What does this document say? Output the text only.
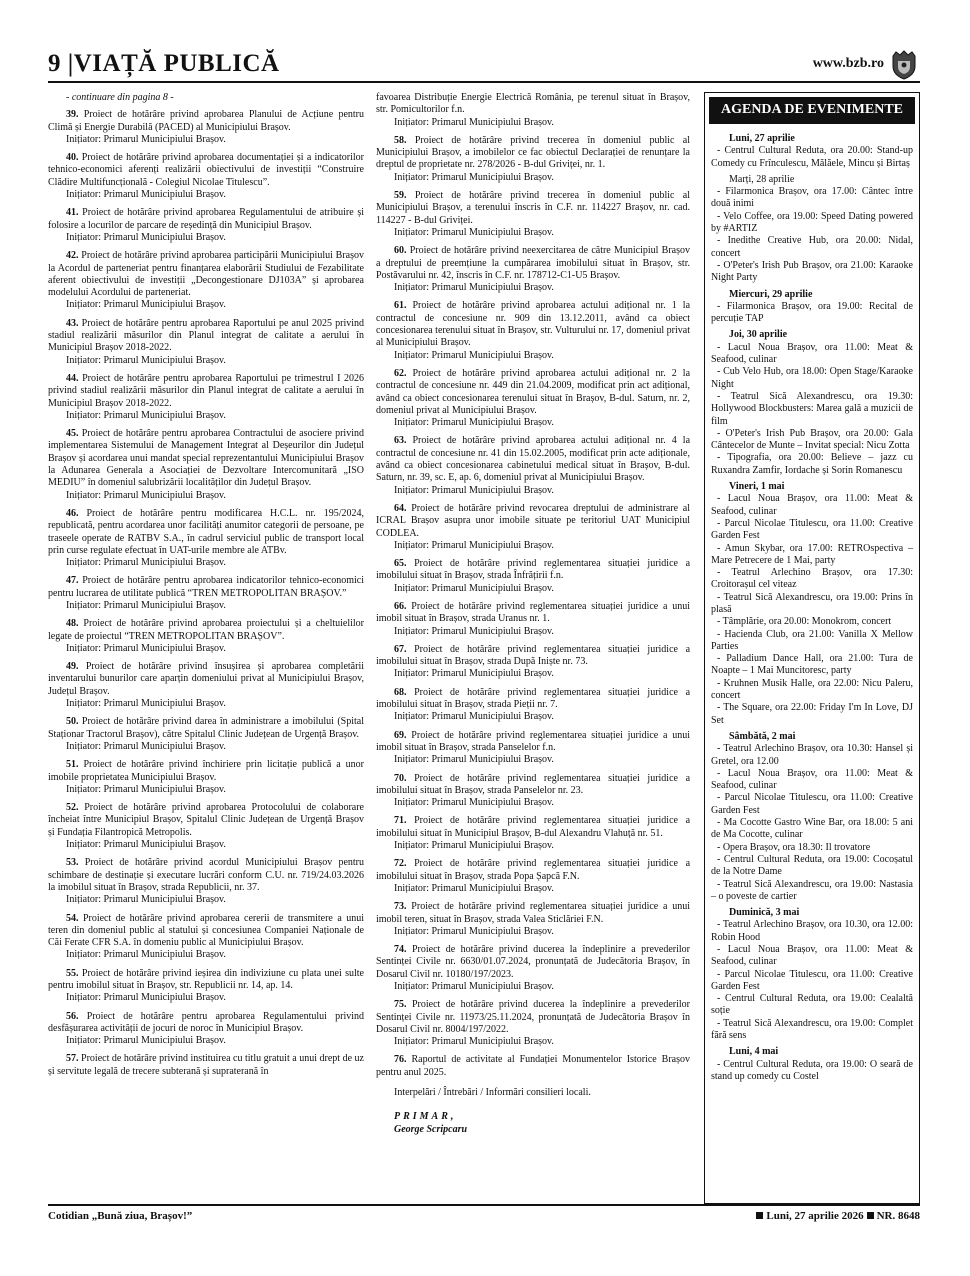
9 |VIAȚĂ PUBLICĂ	www.bzb.ro

- continuare din pagina 8 -

39. Proiect de hotărâre privind aprobarea Planului de Acțiune pentru Climă și Energie Durabilă (PACED) al Municipiului Brașov.

Inițiator: Primarul Municipiului Brașov.

40. Proiect de hotărâre privind aprobarea documentației și a indicatorilor tehnico-economici aferenți realizării obiectivului de investiții “Construire Clădire Multifuncțională - Colegiul Nicolae Titulescu”.

Inițiator: Primarul Municipiului Brașov.

41. Proiect de hotărâre privind aprobarea Regulamentului de atribuire și folosire a locurilor de parcare de reședință din Municipiul Brașov.

Inițiator: Primarul Municipiului Brașov.

42. Proiect de hotărâre privind aprobarea participării Municipiului Brașov la Acordul de parteneriat pentru finanțarea elaborării Studiului de Fezabilitate aferent obiectivului de investiții „Decongestionare DJ103A” și aprobarea modelului Acordului de parteneriat.

Inițiator: Primarul Municipiului Brașov.

43. Proiect de hotărâre pentru aprobarea Raportului pe anul 2025 privind stadiul realizării măsurilor din Planul integrat de calitate a aerului în Municipiul Brașov 2018-2022.

Inițiator: Primarul Municipiului Brașov.

44. Proiect de hotărâre pentru aprobarea Raportului pe trimestrul I 2026 privind stadiul realizării măsurilor din Planul integrat de calitate a aerului în Municipiul Brașov 2018-2022.

Inițiator: Primarul Municipiului Brașov.

45. Proiect de hotărâre pentru aprobarea Contractului de asociere privind implementarea Sistemului de Management Integrat al Deșeurilor din Județul Brașov și acordarea unui mandat special reprezentantului Municipiului Brașov la Adunarea Generala a Asociației de Dezvoltare Intercomunitară „ISO MEDIU” în domeniul salubrizării localităților din Județul Brașov.

Inițiator: Primarul Municipiului Brașov.

46. Proiect de hotărâre pentru modificarea H.C.L. nr. 195/2024, republicată, pentru acordarea unor facilități anumitor categorii de persoane, pe traseele operate de RATBV S.A., în cadrul serviciul public de transport local prin curse regulate efectuat în UAT-urile membre ale ATBv.

Inițiator: Primarul Municipiului Brașov.

47. Proiect de hotărâre pentru aprobarea indicatorilor tehnico-economici pentru lucrarea de utilitate publică “TREN METROPOLITAN BRAȘOV.”

Inițiator: Primarul Municipiului Brașov.

48. Proiect de hotărâre privind aprobarea proiectului și a cheltuielilor legate de proiectul “TREN METROPOLITAN BRAȘOV”.

Inițiator: Primarul Municipiului Brașov.

49. Proiect de hotărâre privind însușirea și aprobarea completării inventarului bunurilor care aparțin domeniului privat al Municipiului Brașov, Județul Brașov.

Inițiator: Primarul Municipiului Brașov.

50. Proiect de hotărâre privind darea în administrare a imobilului (Spital Staționar Tractorul Brașov), către Spitalul Clinic Județean de Urgență Brașov.

Inițiator: Primarul Municipiului Brașov.

51. Proiect de hotărâre privind închiriere prin licitație publică a unor imobile proprietatea Municipiului Brașov.

Inițiator: Primarul Municipiului Brașov.

52. Proiect de hotărâre privind aprobarea Protocolului de colaborare încheiat între Municipiul Brașov, Spitalul Clinic Județean de Urgență Brașov și Fundația Filantropică Metropolis.

Inițiator: Primarul Municipiului Brașov.

53. Proiect de hotărâre privind acordul Municipiului Brașov pentru schimbare de destinație și executare lucrări conform C.U. nr. 719/24.03.2026 la imobilul situat în Brașov, strada Republicii, nr. 37.

Inițiator: Primarul Municipiului Brașov.

54. Proiect de hotărâre privind aprobarea cererii de transmitere a unui teren din domeniul public al statului și concesiunea Companiei Naționale de Căi Ferate CFR S.A. în domeniu public al Municipiului Brașov.

Inițiator: Primarul Municipiului Brașov.

55. Proiect de hotărâre privind ieșirea din indiviziune cu plata unei sulte pentru imobilul situat în Brașov, str. Republicii nr. 14, ap. 14.

Inițiator: Primarul Municipiului Brașov.

56. Proiect de hotărâre pentru aprobarea Regulamentului privind desfășurarea activității de jocuri de noroc în Municipiul Brașov.

Inițiator: Primarul Municipiului Brașov.

57. Proiect de hotărâre privind instituirea cu titlu gratuit a unui drept de uz și servitute legală de trecere subterană și supraterană în

favoarea Distribuție Energie Electrică România, pe terenul situat în Brașov, str. Pomicultorilor f.n.

Inițiator: Primarul Municipiului Brașov.

58. Proiect de hotărâre privind trecerea în domeniul public al Municipiului Brașov, a imobilelor ce fac obiectul Declarației de renunțare la dreptul de proprietate nr. 278/2026 - B-dul Griviței, nr. 1.

Inițiator: Primarul Municipiului Brașov.

59. Proiect de hotărâre privind trecerea în domeniul public al Municipiului Brașov, a terenului înscris în C.F. nr. 114227 Brașov, nr. cad. 114227 - B-dul Griviței.

Inițiator: Primarul Municipiului Brașov.

60. Proiect de hotărâre privind neexercitarea de către Municipiul Brașov a dreptului de preemțiune la cumpărarea imobilului situat în Brașov, str. Postăvarului nr. 42, înscris în C.F. nr. 178712-C1-U5 Brașov.

Inițiator: Primarul Municipiului Brașov.

61. Proiect de hotărâre privind aprobarea actului adițional nr. 1 la contractul de concesiune nr. 909 din 13.12.2011, având ca obiect concesionarea terenului situat în Brașov, str. Vulturului nr. 17, domeniul privat al Municipiului Brașov.

Inițiator: Primarul Municipiului Brașov.

62. Proiect de hotărâre privind aprobarea actului adițional nr. 2 la contractul de concesiune nr. 449 din 21.04.2009, modificat prin act adițional, având ca obiect concesionarea terenului situat în Brașov, B-dul. Saturn, nr. 2, domeniul privat al Municipiului Brașov.

Inițiator: Primarul Municipiului Brașov.

63. Proiect de hotărâre privind aprobarea actului adițional nr. 4 la contractul de concesiune nr. 41 din 15.02.2005, modificat prin acte adiționale, având ca obiect concesionarea cabinetului medical situat în Brașov, B-dul. Saturn, nr. 39, sc. E, ap. 6, domeniul privat al Municipiului Brașov.

Inițiator: Primarul Municipiului Brașov.

64. Proiect de hotărâre privind revocarea dreptului de administrare al ICRAL Brașov asupra unor imobile situate pe teritoriul UAT Municipiul CODLEA.

Inițiator: Primarul Municipiului Brașov.

65. Proiect de hotărâre privind reglementarea situației juridice a imobilului situat în Brașov, strada Înfrățirii f.n.

Inițiator: Primarul Municipiului Brașov.

66. Proiect de hotărâre privind reglementarea situației juridice a unui imobil situat în Brașov, strada Uranus nr. 1.

Inițiator: Primarul Municipiului Brașov.

67. Proiect de hotărâre privind reglementarea situației juridice a imobilului situat în Brașov, strada După Iniște nr. 73.

Inițiator: Primarul Municipiului Brașov.

68. Proiect de hotărâre privind reglementarea situației juridice a imobilului situat în Brașov, strada Pieții nr. 7.

Inițiator: Primarul Municipiului Brașov.

69. Proiect de hotărâre privind reglementarea situației juridice a unui imobil situat în Brașov, strada Panselelor f.n.

Inițiator: Primarul Municipiului Brașov.

70. Proiect de hotărâre privind reglementarea situației juridice a imobilului situat în Brașov, strada Panselelor nr. 23.

Inițiator: Primarul Municipiului Brașov.

71. Proiect de hotărâre privind reglementarea situației juridice a imobilului situat în Municipiul Brașov, B-dul Alexandru Vlahuță nr. 51.

Inițiator: Primarul Municipiului Brașov.

72. Proiect de hotărâre privind reglementarea situației juridice a imobilului situat în Brașov, strada Popa Șapcă F.N.

Inițiator: Primarul Municipiului Brașov.

73. Proiect de hotărâre privind reglementarea situației juridice a unui imobil teren, situat în Brașov, strada Valea Sticlăriei F.N.

Inițiator: Primarul Municipiului Brașov.

74. Proiect de hotărâre privind ducerea la îndeplinire a prevederilor Sentinței Civile nr. 6630/01.07.2024, pronunțată de Judecătoria Brașov, în Dosarul Civil nr. 10180/197/2023.

Inițiator: Primarul Municipiului Brașov.

75. Proiect de hotărâre privind ducerea la îndeplinire a prevederilor Sentinței Civile nr. 11973/25.11.2024, pronunțată de Judecătoria Brașov în Dosarul Civil nr. 8004/197/2022.

Inițiator: Primarul Municipiului Brașov.

76. Raportul de activitate al Fundației Monumentelor Istorice Brașov pentru anul 2025.

Interpelări / Întrebări / Informări consilieri locali.

PRIMAR,
George Scripcaru
AGENDA DE EVENIMENTE

Luni, 27 aprilie

- Centrul Cultural Reduta, ora 20.00: Stand-up Comedy cu Frînculescu, Mălăele, Mincu și Birtaș

Marți, 28 aprilie

- Filarmonica Brașov, ora 17.00: Cântec între două inimi

- Velo Coffee, ora 19.00: Speed Dating powered by #ARTIZ

- Inedithe Creative Hub, ora 20.00: Nidal, concert

- O'Peter's Irish Pub Brașov, ora 21.00: Karaoke Night Party

Miercuri, 29 aprilie

- Filarmonica Brașov, ora 19.00: Recital de percuție TAP

Joi, 30 aprilie

- Lacul Noua Brașov, ora 11.00: Meat & Seafood, culinar

- Cub Velo Hub, ora 18.00: Open Stage/Karaoke Night

- Teatrul Sică Alexandrescu, ora 19.30: Hollywood Blockbusters: Marea gală a muzicii de film

- O'Peter's Irish Pub Brașov, ora 20.00: Gala Cântecelor de Munte – Invitat special: Nicu Zotta

- Tipografia, ora 20.00: Believe – jazz cu Ruxandra Zamfir, Iordache și Sorin Romanescu

Vineri, 1 mai

- Lacul Noua Brașov, ora 11.00: Meat & Seafood, culinar

- Parcul Nicolae Titulescu, ora 11.00: Creative Garden Fest

- Amun Skybar, ora 17.00: RETROspectiva – Mare Petrecere de 1 Mai, party

- Teatrul Arlechino Brașov, ora 17.30: Croitorașul cel viteaz

- Teatrul Sică Alexandrescu, ora 19.00: Prins în plasă

- Tâmplărie, ora 20.00: Monokrom, concert

- Hacienda Club, ora 21.00: Vanilla X Mellow Parties

- Palladium Dance Hall, ora 21.00: Tura de Noapte – 1 Mai Muncitoresc, party

- Kruhnen Musik Halle, ora 22.00: Nicu Paleru, concert

- The Square, ora 22.00: Friday I'm In Love, DJ Set

Sâmbătă, 2 mai

- Teatrul Arlechino Brașov, ora 10.30: Hansel și Gretel, ora 12.00

- Lacul Noua Brașov, ora 11.00: Meat & Seafood, culinar

- Parcul Nicolae Titulescu, ora 11.00: Creative Garden Fest

- Ma Cocotte Gastro Wine Bar, ora 18.00: 5 ani de Ma Cocotte, culinar

- Opera Brașov, ora 18.30: Il trovatore

- Centrul Cultural Reduta, ora 19.00: Cocoșatul de la Notre Dame

- Teatrul Sică Alexandrescu, ora 19.00: Nastasia – o poveste de cartier

Duminică, 3 mai

- Teatrul Arlechino Brașov, ora 10.30, ora 12.00: Robin Hood

- Lacul Noua Brașov, ora 11.00: Meat & Seafood, culinar

- Parcul Nicolae Titulescu, ora 11.00: Creative Garden Fest

- Centrul Cultural Reduta, ora 19.00: Cealaltă soție

- Teatrul Sică Alexandrescu, ora 19.00: Complet fără sens

Luni, 4 mai

- Centrul Cultural Reduta, ora 19.00: O seară de stand up comedy cu Costel

Cotidian „Bună ziua, Brașov!”	Luni, 27 aprilie 2026 NR. 8648
